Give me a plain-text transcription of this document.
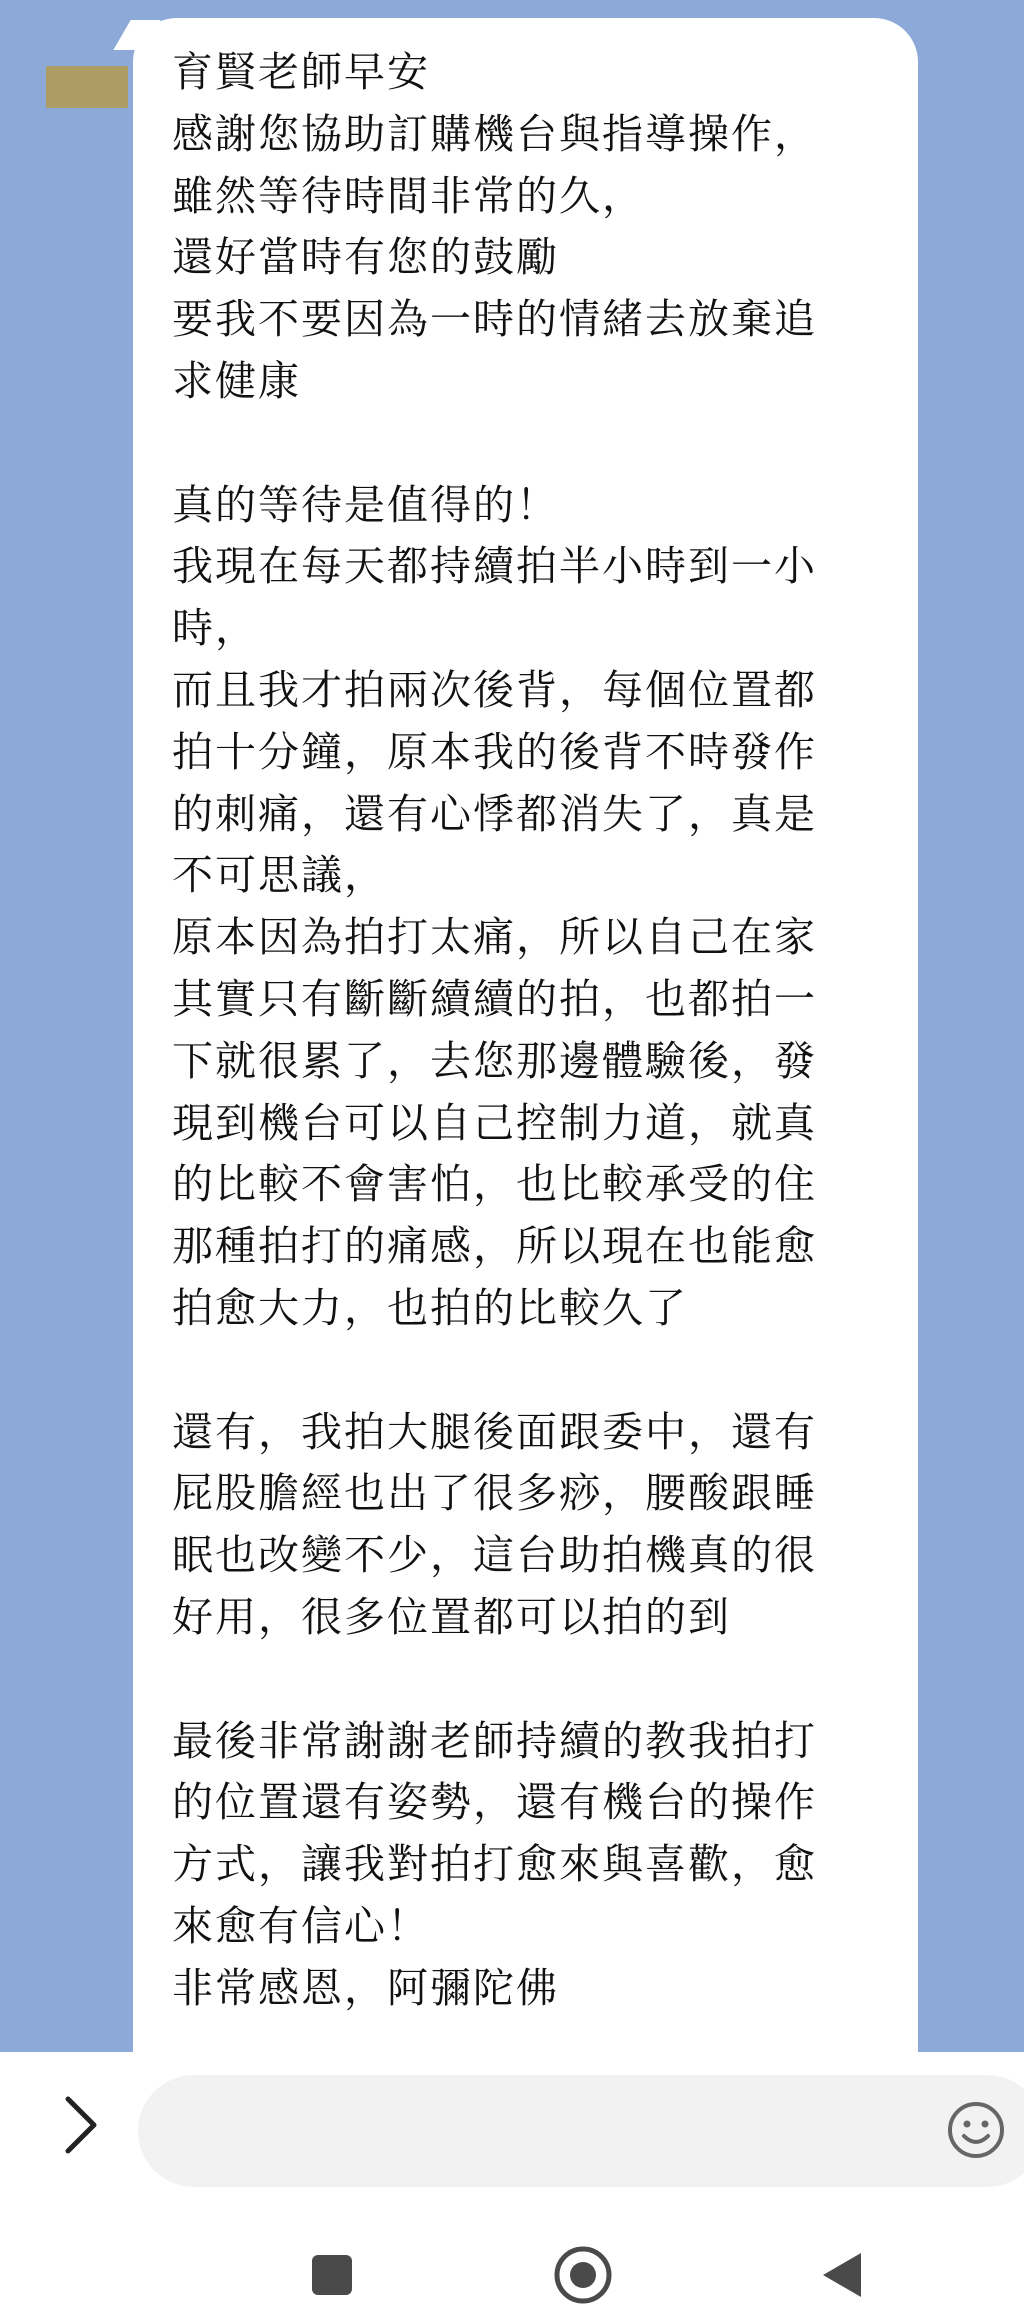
育賢老師早安
感謝您協助訂購機台與指導操作，
雖然等待時間非常的久，
還好當時有您的鼓勵
要我不要因為一時的情緒去放棄追
求健康

真的等待是值得的！
我現在每天都持續拍半小時到一小
時，
而且我才拍兩次後背，每個位置都
拍十分鐘，原本我的後背不時發作
的刺痛，還有心悸都消失了，真是
不可思議，
原本因為拍打太痛，所以自己在家
其實只有斷斷續續的拍，也都拍一
下就很累了，去您那邊體驗後，發
現到機台可以自己控制力道，就真
的比較不會害怕，也比較承受的住
那種拍打的痛感，所以現在也能愈
拍愈大力，也拍的比較久了

還有，我拍大腿後面跟委中，還有
屁股膽經也出了很多痧，腰酸跟睡
眠也改變不少，這台助拍機真的很
好用，很多位置都可以拍的到

最後非常謝謝老師持續的教我拍打
的位置還有姿勢，還有機台的操作
方式，讓我對拍打愈來與喜歡，愈
來愈有信心！
非常感恩，阿彌陀佛
